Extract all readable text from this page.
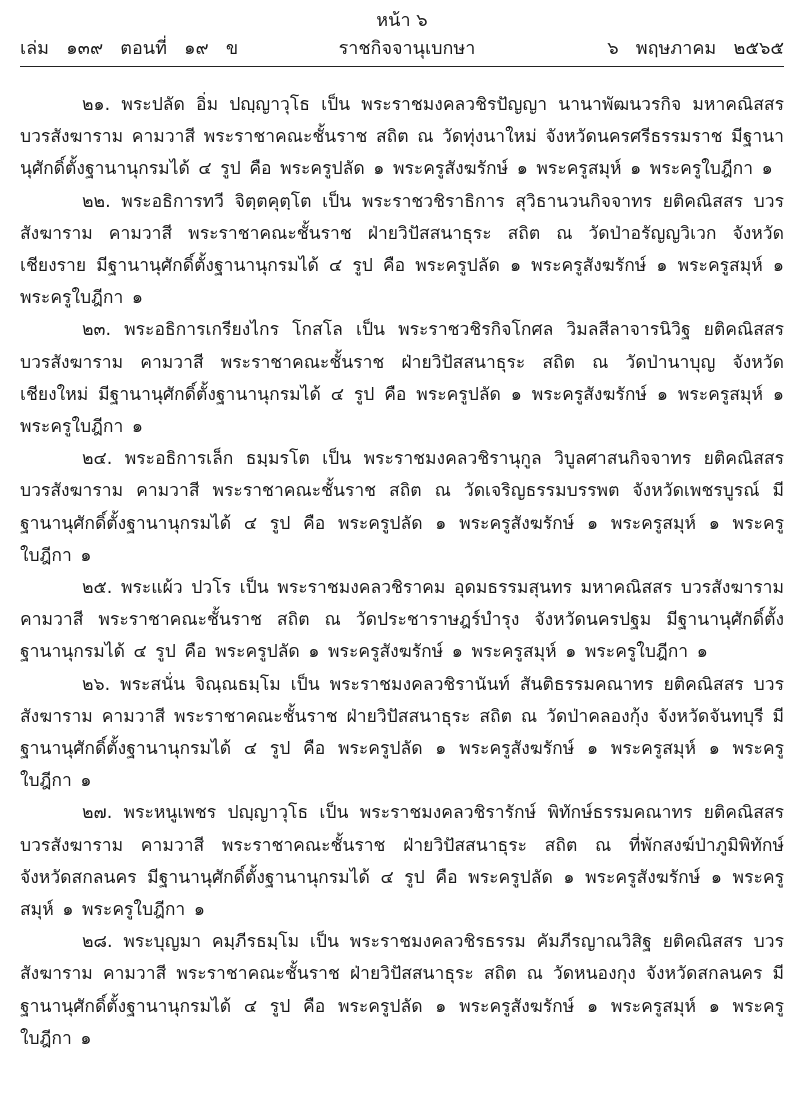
หน้า ๖
เล่ม   ๑๓๙   ตอนที่   ๑๙   ข	ราชกิจจานุเบกษา	๖   พฤษภาคม   ๒๕๖๕

๒๑. พระปลัด อิ่ม ปญฺญาวุโธ เป็น พระราชมงคลวชิรปัญญา นานาพัฒนวรกิจ มหาคณิสสร บวรสังฆาราม คามวาสี พระราชาคณะชั้นราช สถิต ณ วัดทุ่งนาใหม่ จังหวัดนครศรีธรรมราช มีฐานานุศักดิ์ตั้งฐานานุกรมได้ ๔ รูป คือ พระครูปลัด ๑ พระครูสังฆรักษ์ ๑ พระครูสมุห์ ๑ พระครูใบฎีกา ๑

๒๒. พระอธิการทวี จิตฺตคุตฺโต เป็น พระราชวชิราธิการ สุวิธานวนกิจจาทร ยติคณิสสร บวรสังฆาราม คามวาสี พระราชาคณะชั้นราช ฝ่ายวิปัสสนาธุระ สถิต ณ วัดป่าอรัญญวิเวก จังหวัดเชียงราย มีฐานานุศักดิ์ตั้งฐานานุกรมได้ ๔ รูป คือ พระครูปลัด ๑ พระครูสังฆรักษ์ ๑ พระครูสมุห์ ๑ พระครูใบฎีกา ๑

๒๓. พระอธิการเกรียงไกร โกสโล เป็น พระราชวชิรกิจโกศล วิมลสีลาจารนิวิฐ ยติคณิสสร บวรสังฆาราม คามวาสี พระราชาคณะชั้นราช ฝ่ายวิปัสสนาธุระ สถิต ณ วัดป่านาบุญ จังหวัดเชียงใหม่ มีฐานานุศักดิ์ตั้งฐานานุกรมได้ ๔ รูป คือ พระครูปลัด ๑ พระครูสังฆรักษ์ ๑ พระครูสมุห์ ๑ พระครูใบฎีกา ๑

๒๔. พระอธิการเล็ก ธมฺมรโต เป็น พระราชมงคลวชิรานุกูล วิบูลศาสนกิจจาทร ยติคณิสสร บวรสังฆาราม คามวาสี พระราชาคณะชั้นราช สถิต ณ วัดเจริญธรรมบรรพต จังหวัดเพชรบูรณ์ มีฐานานุศักดิ์ตั้งฐานานุกรมได้ ๔ รูป คือ พระครูปลัด ๑ พระครูสังฆรักษ์ ๑ พระครูสมุห์ ๑ พระครูใบฎีกา ๑

๒๕. พระแผ้ว ปวโร เป็น พระราชมงคลวชิราคม อุดมธรรมสุนทร มหาคณิสสร บวรสังฆาราม คามวาสี พระราชาคณะชั้นราช สถิต ณ วัดประชาราษฎร์บำรุง จังหวัดนครปฐม มีฐานานุศักดิ์ตั้งฐานานุกรมได้ ๔ รูป คือ พระครูปลัด ๑ พระครูสังฆรักษ์ ๑ พระครูสมุห์ ๑ พระครูใบฎีกา ๑

๒๖. พระสนั่น จิณฺณธมฺโม เป็น พระราชมงคลวชิรานันท์ สันติธรรมคณาทร ยติคณิสสร บวรสังฆาราม คามวาสี พระราชาคณะชั้นราช ฝ่ายวิปัสสนาธุระ สถิต ณ วัดป่าคลองกุ้ง จังหวัดจันทบุรี มีฐานานุศักดิ์ตั้งฐานานุกรมได้ ๔ รูป คือ พระครูปลัด ๑ พระครูสังฆรักษ์ ๑ พระครูสมุห์ ๑ พระครูใบฎีกา ๑

๒๗. พระหนูเพชร ปญฺญาวุโธ เป็น พระราชมงคลวชิรารักษ์ พิทักษ์ธรรมคณาทร ยติคณิสสร บวรสังฆาราม คามวาสี พระราชาคณะชั้นราช ฝ่ายวิปัสสนาธุระ สถิต ณ ที่พักสงฆ์ป่าภูมิพิทักษ์ จังหวัดสกลนคร มีฐานานุศักดิ์ตั้งฐานานุกรมได้ ๔ รูป คือ พระครูปลัด ๑ พระครูสังฆรักษ์ ๑ พระครูสมุห์ ๑ พระครูใบฎีกา ๑

๒๘. พระบุญมา คมฺภีรธมฺโม เป็น พระราชมงคลวชิรธรรม คัมภีรญาณวิสิฐ ยติคณิสสร บวรสังฆาราม คามวาสี พระราชาคณะชั้นราช ฝ่ายวิปัสสนาธุระ สถิต ณ วัดหนองกุง จังหวัดสกลนคร มีฐานานุศักดิ์ตั้งฐานานุกรมได้ ๔ รูป คือ พระครูปลัด ๑ พระครูสังฆรักษ์ ๑ พระครูสมุห์ ๑ พระครูใบฎีกา ๑
